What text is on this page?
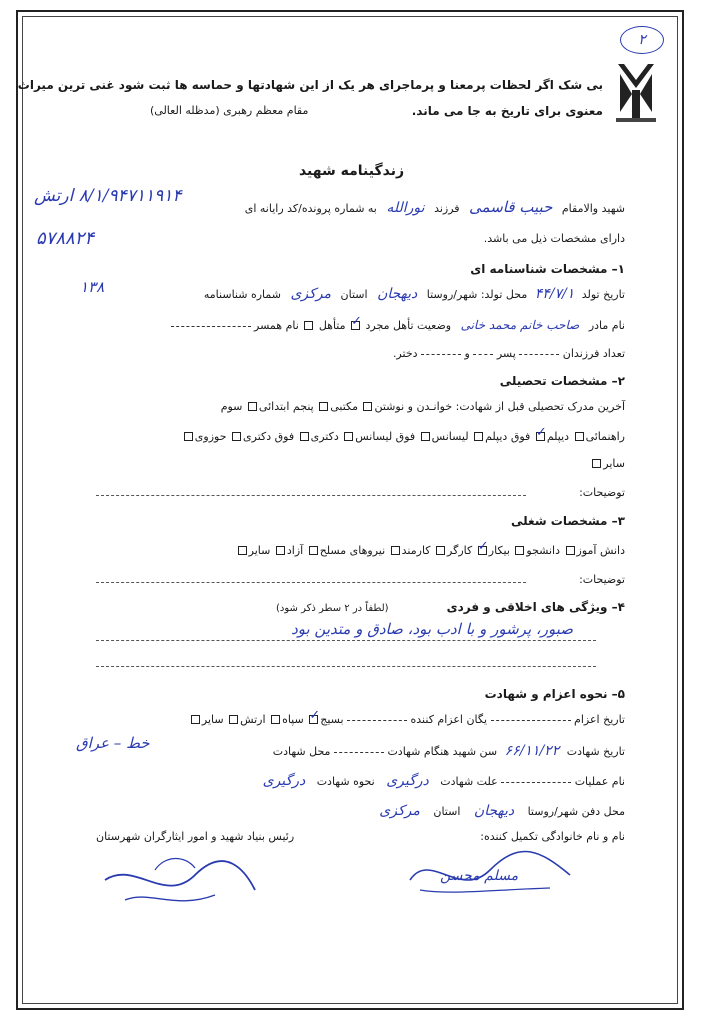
۲
بی شک اگر لحظات پرمعنا و پرماجرای هر یک از این شهادتها و حماسه ها ثبت شود غنی ترین میراث
معنوی برای تاریخ به جا می ماند.
مقام معظم رهبری (مدظله العالی)
زندگینامه شهید
شهید والامقام حبیب قاسمی فرزند نورالله به شماره پرونده/کد رایانه ای
۸/۱/۹۴۷۱۱۹۱۴ ارتش
۵۷۸۸۲۴	دارای مشخصات ذیل می باشد.
۱– مشخصات شناسنامه ای
تاریخ تولد ۴۴/۷/۱ محل تولد: شهر/روستا دیهجان استان مرکزی شماره شناسنامه
۱۳۸
نام مادر صاحب خانم محمد خانی وضعیت تأهل مجرد ✓ متأهل  نام همسر
تعداد فرزندان  پسر  و  دختر.
۲– مشخصات تحصیلی
آخرین مدرک تحصیلی قبل از شهادت: خوانـدن و نوشتن مکتبی پنجم ابتدائی سوم
راهنمائی دیپلم✓ فوق دیپلم لیسانس فوق لیسانس دکتری فوق دکتری حوزوی
سایر
توضیحات:
۳– مشخصات شغلی
دانش آموز دانشجو بیکار✓ کارگر کارمند نیروهای مسلح آزاد سایر
توضیحات:
۴– ویژگی های اخلاقی و فردی
(لطفاً در ۲ سطر ذکر شود)
صبور، پرشور و با ادب بود، صادق و متدین بود
۵– نحوه اعزام و شهادت
تاریخ اعزام  یگان اعزام کننده  بسیج✓ سپاه ارتش سایر
تاریخ شهادت ۶۶/۱۱/۲۲ سن شهید هنگام شهادت  محل شهادت
خط – عراق
نام عملیات  علت شهادت درگیری نحوه شهادت درگیری
محل دفن شهر/روستا دیهجان استان مرکزی
نام و نام خانوادگی تکمیل کننده:
رئیس بنیاد شهید و امور ایثارگران شهرستان
مسلم محسن
